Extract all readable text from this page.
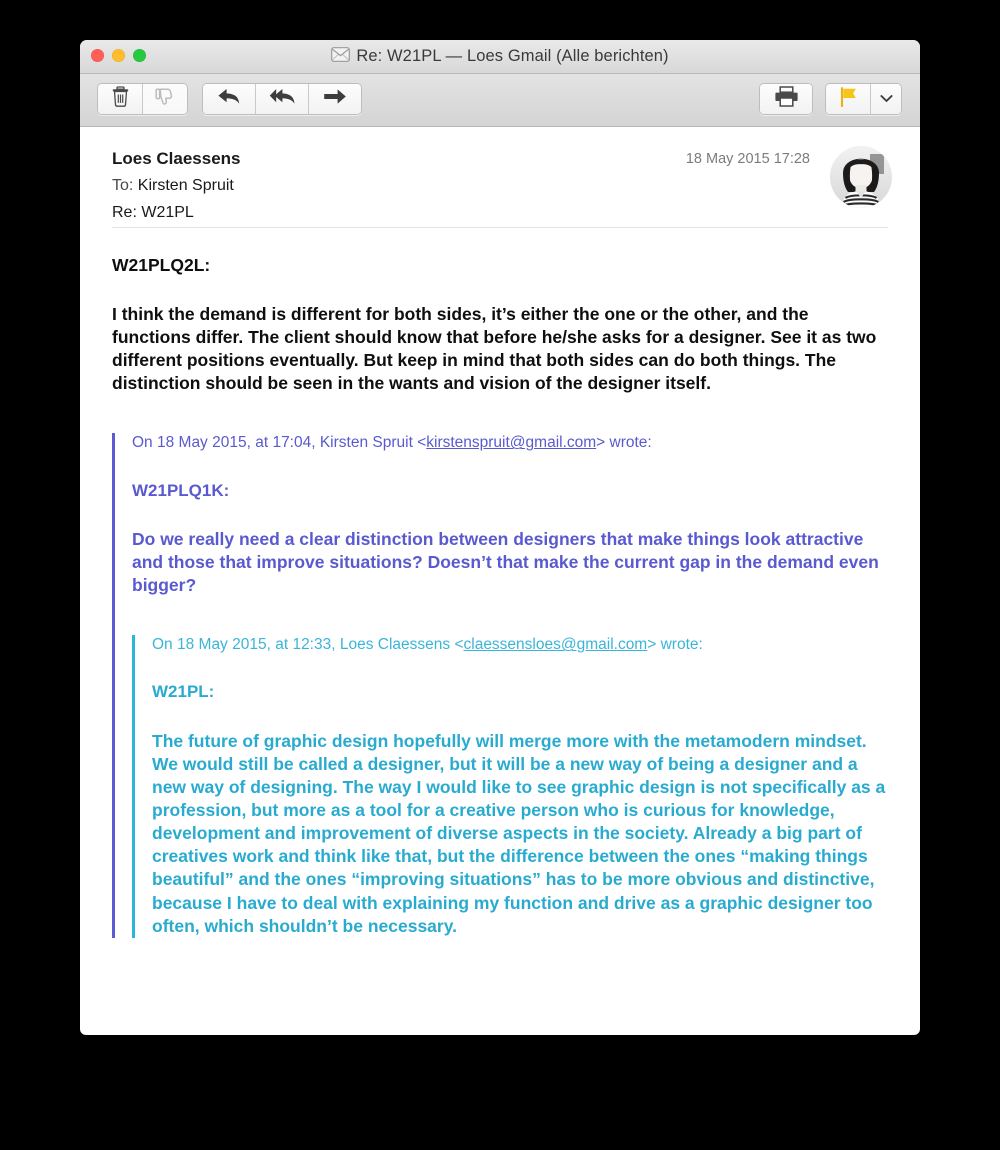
Re: W21PL — Loes Gmail (Alle berichten)
Loes Claessens
To: Kirsten Spruit
Re: W21PL
18 May 2015 17:28
W21PLQ2L:

I think the demand is different for both sides, it’s either the one or the other, and the functions differ. The client should know that before he/she asks for a designer. See it as two different positions eventually. But keep in mind that both sides can do both things. The distinction should be seen in the wants and vision of the designer itself.

On 18 May 2015, at 17:04, Kirsten Spruit <kirstenspruit@gmail.com> wrote:
W21PLQ1K:

Do we really need a clear distinction between designers that make things look attractive and those that improve situations? Doesn’t that make the current gap in the demand even bigger?

On 18 May 2015, at 12:33, Loes Claessens <claessensloes@gmail.com> wrote:
W21PL:

The future of graphic design hopefully will merge more with the metamodern mindset. We would still be called a designer, but it will be a new way of being a designer and a new way of designing. The way I would like to see graphic design is not specifically as a profession, but more as a tool for a creative person who is curious for knowledge, development and improvement of diverse aspects in the society. Already a big part of creatives work and think like that, but the difference between the ones “making things beautiful” and the ones “improving situations” has to be more obvious and distinctive, because I have to deal with explaining my function and drive as a graphic designer too often, which shouldn’t be necessary.
